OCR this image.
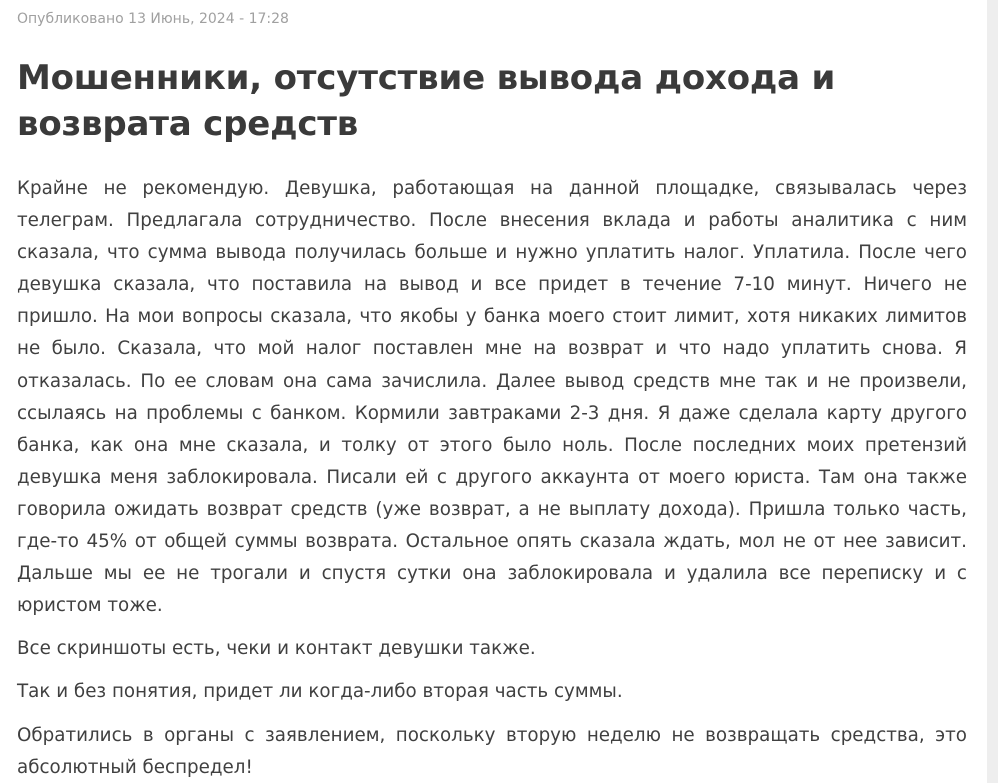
Опубликовано 13 Июнь, 2024 - 17:28
Мошенники, отсутствие вывода дохода и возврата средств

Крайне не рекомендую. Девушка, работающая на данной площадке, связывалась через телеграм. Предлагала сотрудничество. После внесения вклада и работы аналитика с ним сказала, что сумма вывода получилась больше и нужно уплатить налог. Уплатила. После чего девушка сказала, что поставила на вывод и все придет в течение 7-10 минут. Ничего не пришло. На мои вопросы сказала, что якобы у банка моего стоит лимит, хотя никаких лимитов не было. Сказала, что мой налог поставлен мне на возврат и что надо уплатить снова. Я отказалась. По ее словам она сама зачислила. Далее вывод средств мне так и не произвели, ссылаясь на проблемы с банком. Кормили завтраками 2-3 дня. Я даже сделала карту другого банка, как она мне сказала, и толку от этого было ноль. После последних моих претензий девушка меня заблокировала. Писали ей с другого аккаунта от моего юриста. Там она также говорила ожидать возврат средств (уже возврат, а не выплату дохода). Пришла только часть, где-то 45% от общей суммы возврата. Остальное опять сказала ждать, мол не от нее зависит. Дальше мы ее не трогали и спустя сутки она заблокировала и удалила все переписку и с юристом тоже.

Все скриншоты есть, чеки и контакт девушки также.

Так и без понятия, придет ли когда-либо вторая часть суммы.

Обратились в органы с заявлением, поскольку вторую неделю не возвращать средства, это абсолютный беспредел!
